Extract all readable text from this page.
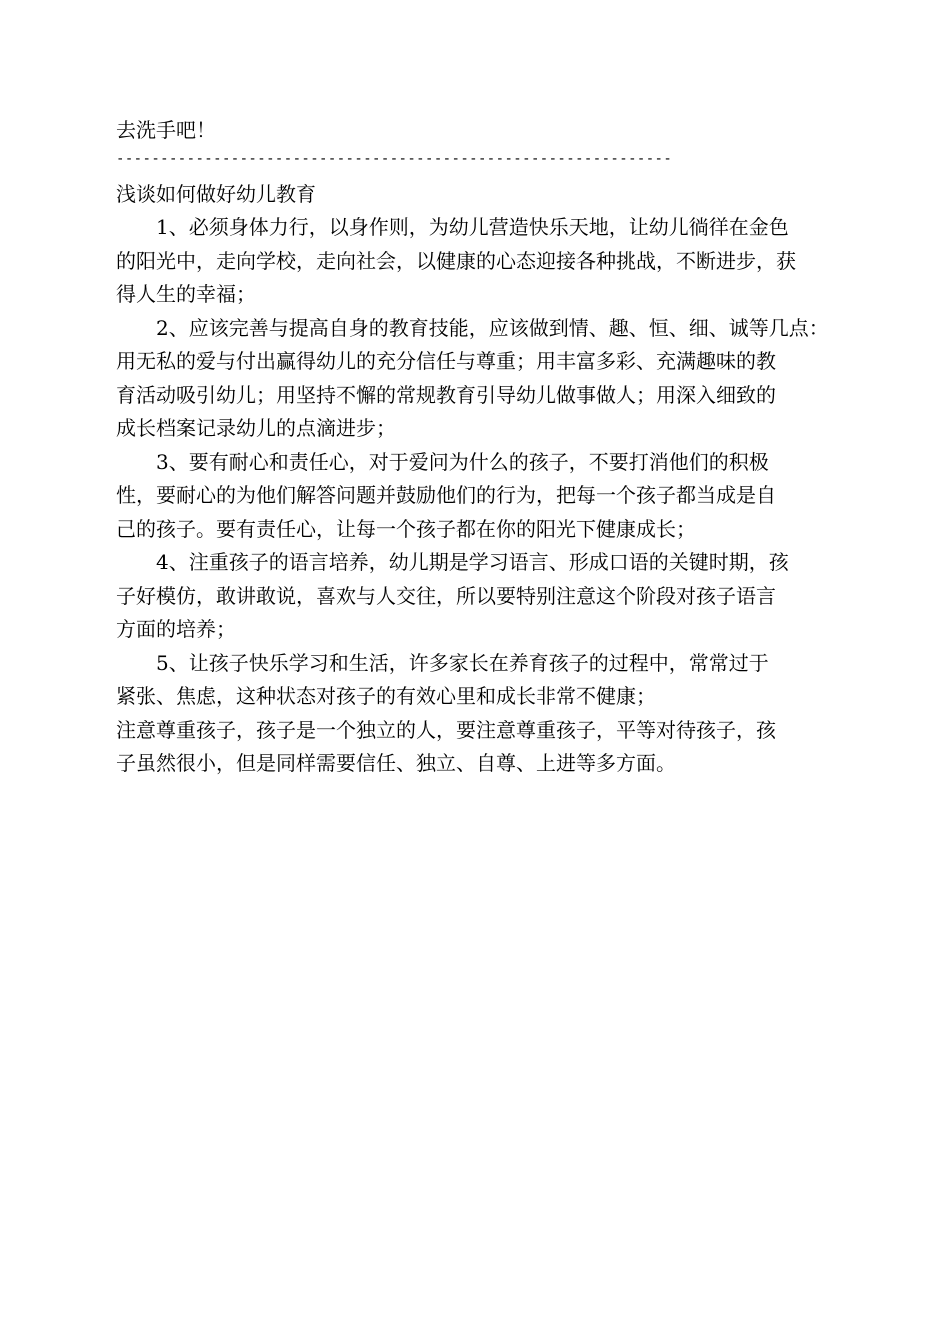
去洗手吧！
---------------------------------------------------------------
浅谈如何做好幼儿教育
1、必须身体力行，以身作则，为幼儿营造快乐天地，让幼儿徜徉在金色
的阳光中，走向学校，走向社会，以健康的心态迎接各种挑战，不断进步，获
得人生的幸福；
2、应该完善与提高自身的教育技能，应该做到情、趣、恒、细、诚等几点：
用无私的爱与付出赢得幼儿的充分信任与尊重；用丰富多彩、充满趣味的教
育活动吸引幼儿；用坚持不懈的常规教育引导幼儿做事做人；用深入细致的
成长档案记录幼儿的点滴进步；
3、要有耐心和责任心，对于爱问为什么的孩子，不要打消他们的积极
性，要耐心的为他们解答问题并鼓励他们的行为，把每一个孩子都当成是自
己的孩子。要有责任心，让每一个孩子都在你的阳光下健康成长；
4、注重孩子的语言培养，幼儿期是学习语言、形成口语的关键时期，孩
子好模仿，敢讲敢说，喜欢与人交往，所以要特别注意这个阶段对孩子语言
方面的培养；
5、让孩子快乐学习和生活，许多家长在养育孩子的过程中，常常过于
紧张、焦虑，这种状态对孩子的有效心里和成长非常不健康；
注意尊重孩子，孩子是一个独立的人，要注意尊重孩子，平等对待孩子，孩
子虽然很小，但是同样需要信任、独立、自尊、上进等多方面。
